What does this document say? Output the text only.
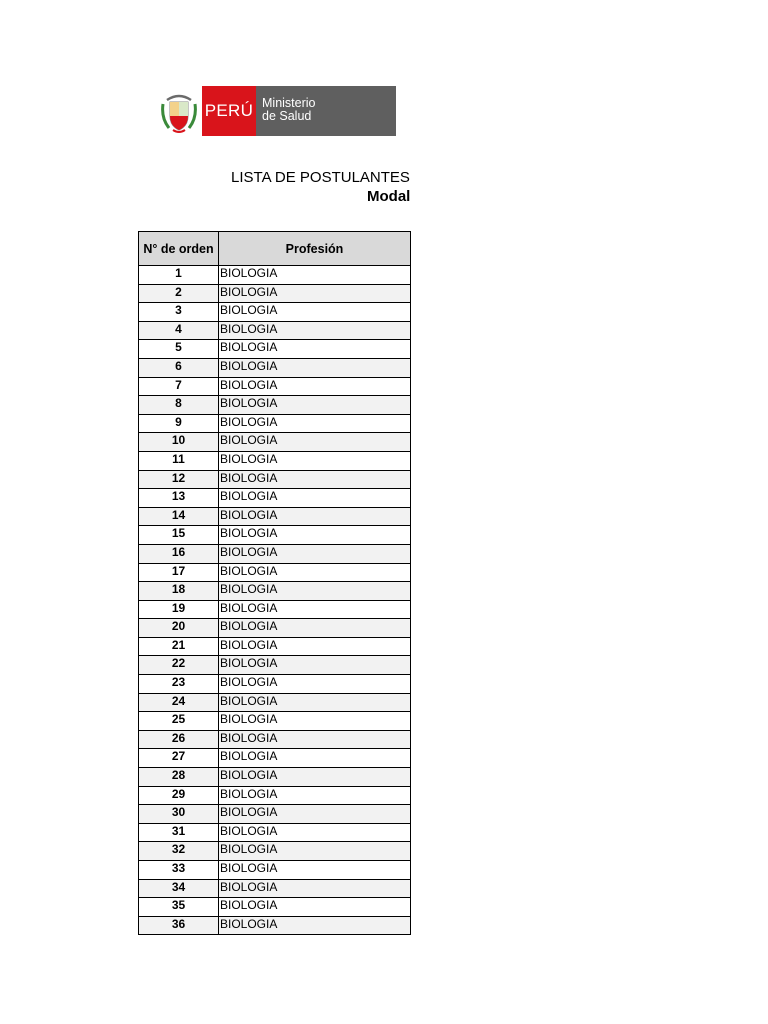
PERÚ Ministerio
de Salud
LISTA DE POSTULANTES
Modal
N° de orden	Profesión
1	BIOLOGIA
2	BIOLOGIA
3	BIOLOGIA
4	BIOLOGIA
5	BIOLOGIA
6	BIOLOGIA
7	BIOLOGIA
8	BIOLOGIA
9	BIOLOGIA
10	BIOLOGIA
11	BIOLOGIA
12	BIOLOGIA
13	BIOLOGIA
14	BIOLOGIA
15	BIOLOGIA
16	BIOLOGIA
17	BIOLOGIA
18	BIOLOGIA
19	BIOLOGIA
20	BIOLOGIA
21	BIOLOGIA
22	BIOLOGIA
23	BIOLOGIA
24	BIOLOGIA
25	BIOLOGIA
26	BIOLOGIA
27	BIOLOGIA
28	BIOLOGIA
29	BIOLOGIA
30	BIOLOGIA
31	BIOLOGIA
32	BIOLOGIA
33	BIOLOGIA
34	BIOLOGIA
35	BIOLOGIA
36	BIOLOGIA
